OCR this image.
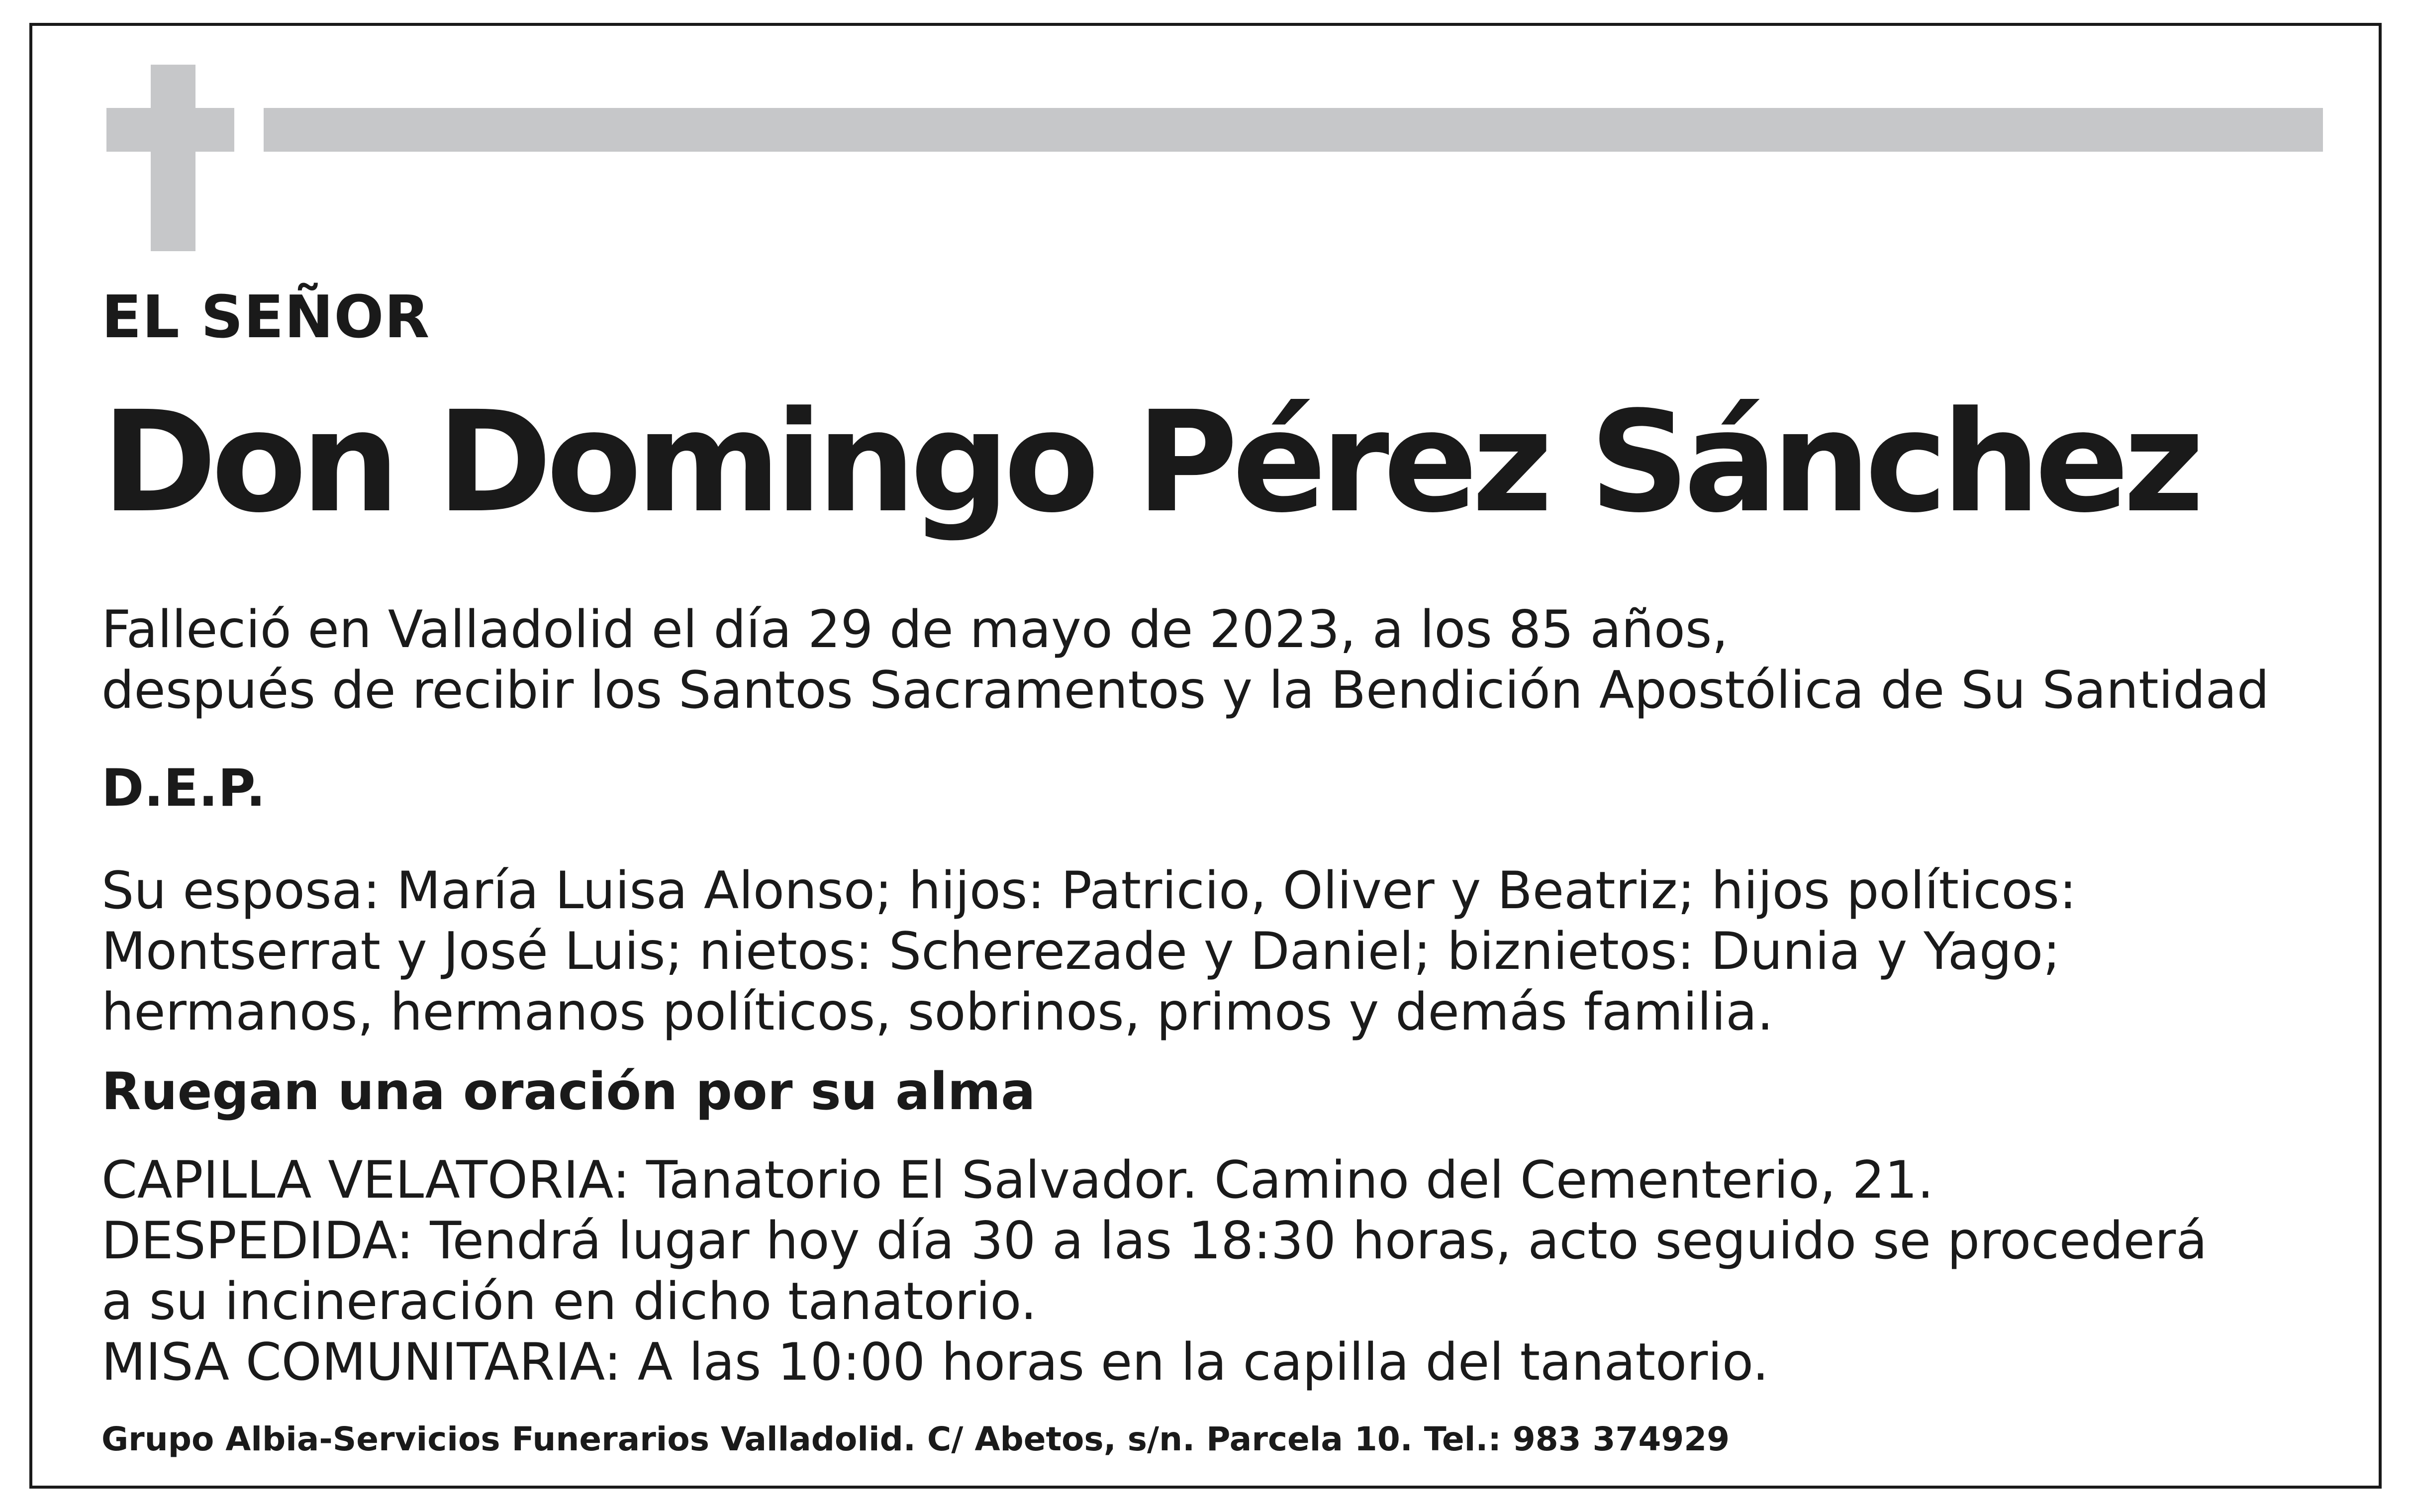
EL SEÑOR
Don Domingo Pérez Sánchez
Falleció en Valladolid el día 29 de mayo de 2023, a los 85 años,
después de recibir los Santos Sacramentos y la Bendición Apostólica de Su Santidad
D.E.P.
Su esposa: María Luisa Alonso; hijos: Patricio, Oliver y Beatriz; hijos políticos:
Montserrat y José Luis; nietos: Scherezade y Daniel; biznietos: Dunia y Yago;
hermanos, hermanos políticos, sobrinos, primos y demás familia.
Ruegan una oración por su alma
CAPILLA VELATORIA: Tanatorio El Salvador. Camino del Cementerio, 21.
DESPEDIDA: Tendrá lugar hoy día 30 a las 18:30 horas, acto seguido se procederá
a su incineración en dicho tanatorio.
MISA COMUNITARIA: A las 10:00 horas en la capilla del tanatorio.
Grupo Albia-Servicios Funerarios Valladolid. C/ Abetos, s/n. Parcela 10. Tel.: 983 374929
